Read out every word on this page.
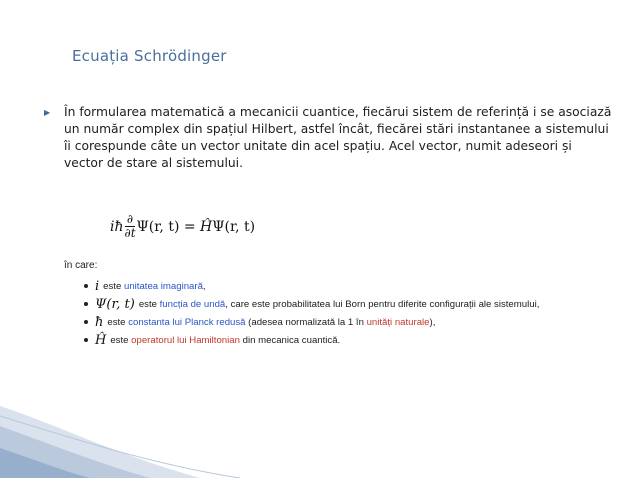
Ecuația Schrödinger
▶	În formularea matematică a mecanicii cuantice, fiecărui sistem de referință i se asociază un număr complex din spațiul Hilbert, astfel încât, fiecărei stări instantanee a sistemului îi corespunde câte un vector unitate din acel spațiu. Acel vector, numit adeseori și vector de stare al sistemului.
iħ $\frac{\partial}{\partial t} \Psi(r$, t) = Ĥ Ψ(r, t)
în care:
i este unitatea imaginară ,
Ψ(r, t) este funcția de undă , care este probabilitatea lui Born pentru diferite configurații ale sistemului,
ħ este constanta lui Planck redusă (adesea normalizată la 1 în unități naturale ),
Ĥ este operatorul lui Hamiltonian din mecanica cuantică.
